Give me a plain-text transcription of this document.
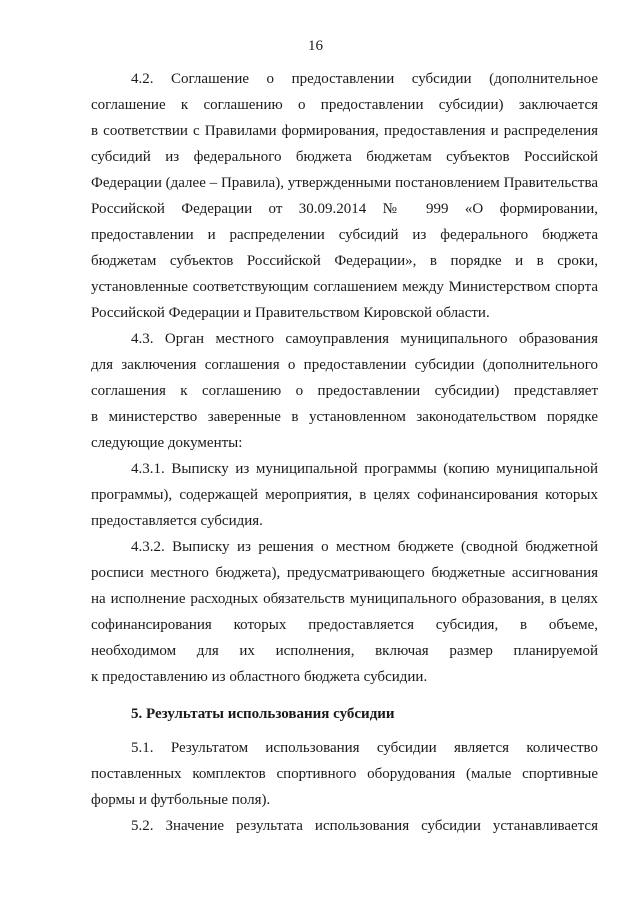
16
4.2. Соглашение о предоставлении субсидии (дополнительное
соглашение к соглашению о предоставлении субсидии) заключается
в соответствии с Правилами формирования, предоставления и распределения
субсидий из федерального бюджета бюджетам субъектов Российской
Федерации (далее – Правила), утвержденными постановлением Правительства
Российской Федерации от 30.09.2014 № 999 «О формировании,
предоставлении и распределении субсидий из федерального бюджета
бюджетам субъектов Российской Федерации», в порядке и в сроки,
установленные соответствующим соглашением между Министерством спорта
Российской Федерации и Правительством Кировской области.
4.3. Орган местного самоуправления муниципального образования
для заключения соглашения о предоставлении субсидии (дополнительного
соглашения к соглашению о предоставлении субсидии) представляет
в министерство заверенные в установленном законодательством порядке
следующие документы:
4.3.1. Выписку из муниципальной программы (копию муниципальной
программы), содержащей мероприятия, в целях софинансирования которых
предоставляется субсидия.
4.3.2. Выписку из решения о местном бюджете (сводной бюджетной
росписи местного бюджета), предусматривающего бюджетные ассигнования
на исполнение расходных обязательств муниципального образования, в целях
софинансирования которых предоставляется субсидия, в объеме,
необходимом для их исполнения, включая размер планируемой
к предоставлению из областного бюджета субсидии.
5. Результаты использования субсидии
5.1. Результатом использования субсидии является количество
поставленных комплектов спортивного оборудования (малые спортивные
формы и футбольные поля).
5.2. Значение результата использования субсидии устанавливается
